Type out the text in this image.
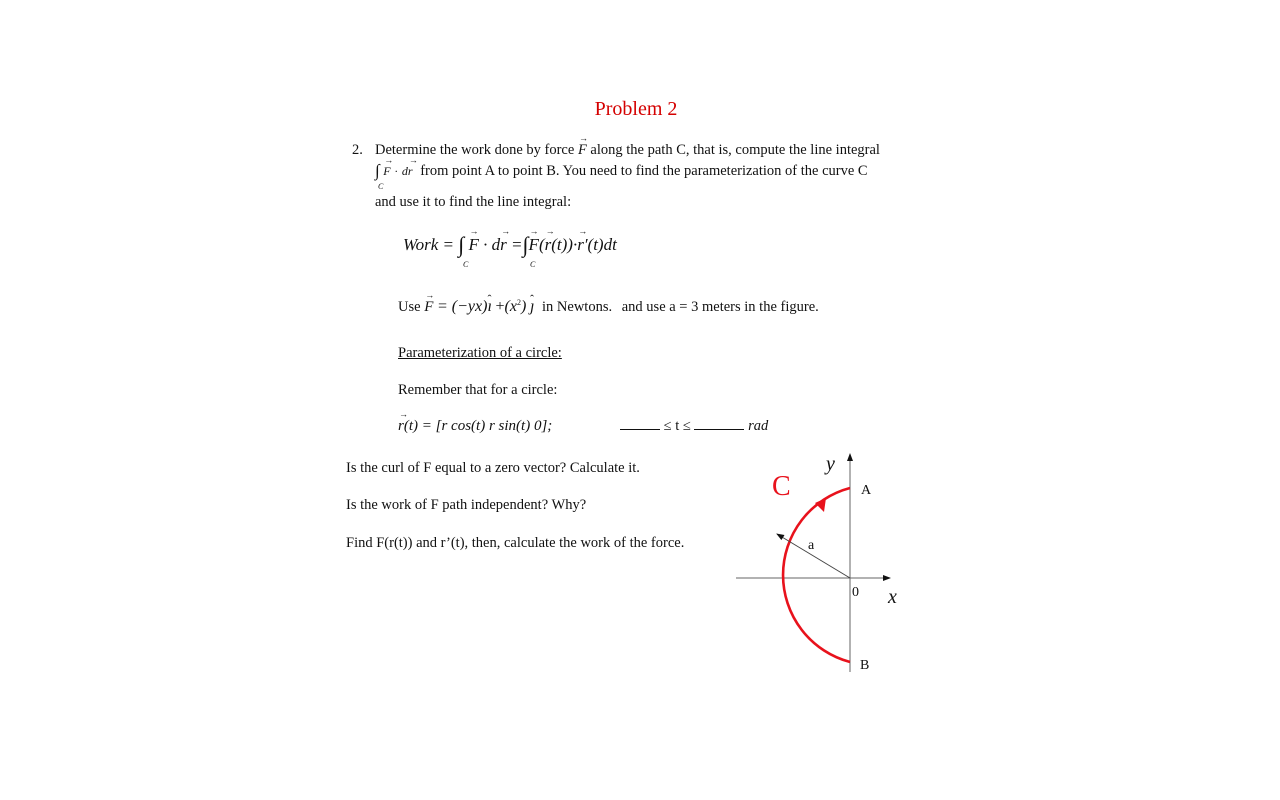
Problem 2
2. Determine the work done by force → F along the path C, that is, compute the line integral
∫ → F · d→ r from point A to point B. You need to find the parameterization of the curve C
C
and use it to find the line integral:
Work = ∫ → F · d→ r =∫→ F(→ r(t))·→ r′(t)dt
C	C
Use → F = (−yx)ˆ ı $+(x^2)$ ˆ ȷ in Newtons. and use a = 3 meters in the figure.
Parameterization of a circle:
Remember that for a circle:
→ r(t) = [r cos(t) r sin(t) 0];	≤ t ≤	rad
Is the curl of F equal to a zero vector? Calculate it.
Is the work of F path independent? Why?
Find F(r(t)) and r’(t), then, calculate the work of the force.
C
y
x
A
B
0
a
